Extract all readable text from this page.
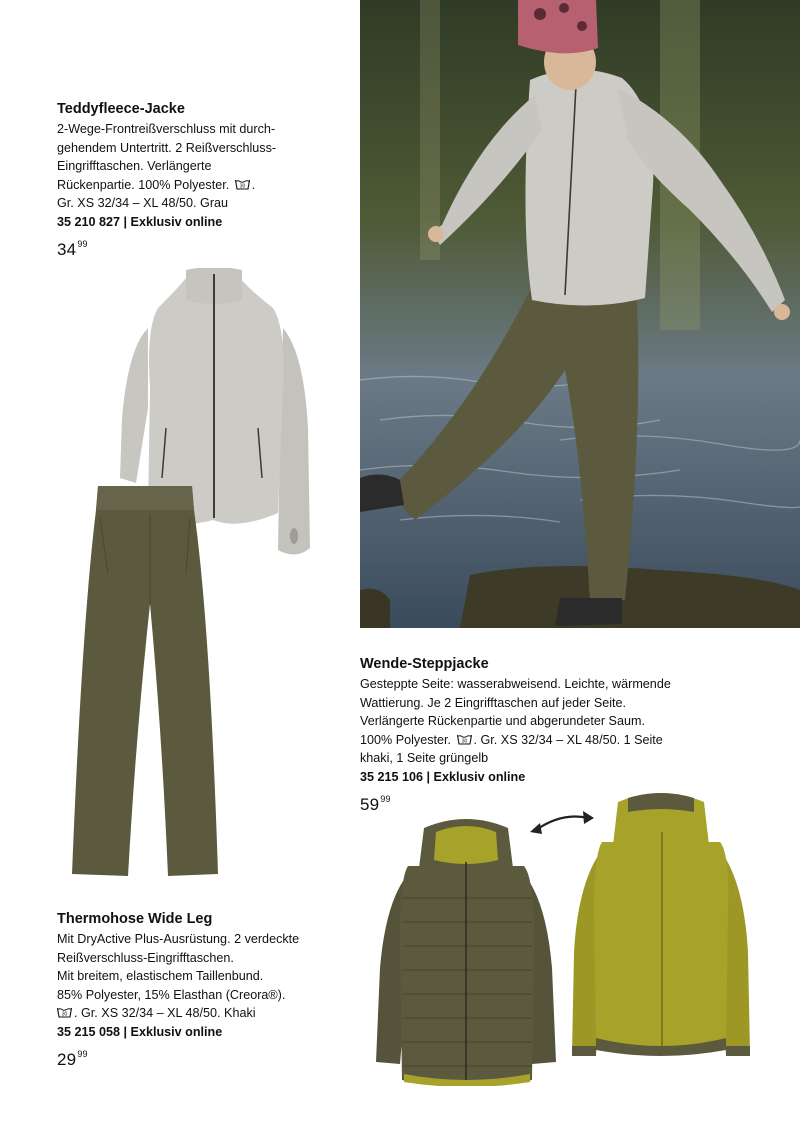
Teddyfleece-Jacke
2-Wege-Frontreißverschluss mit durch-
gehendem Untertritt. 2 Reißverschluss-
Eingrifftaschen. Verlängerte
Rückenpartie. 100% Polyester. 30 .
Gr. XS 32/34 – XL 48/50. Grau
35 210 827 | Exklusiv online
$34^{99}$
Thermohose Wide Leg
Mit DryActive Plus-Ausrüstung. 2 verdeckte
Reißverschluss-Eingrifftaschen.
Mit breitem, elastischem Taillenbund.
85% Polyester, 15% Elasthan (Creora®).

30 . Gr. XS 32/34 – XL 48/50. Khaki
35 215 058 | Exklusiv online
$29^{99}$
Wende-Steppjacke
Gesteppte Seite: wasserabweisend. Leichte, wärmende
Wattierung. Je 2 Eingrifftaschen auf jeder Seite.
Verlängerte Rückenpartie und abgerundeter Saum.
100% Polyester. 30 . Gr. XS 32/34 – XL 48/50. 1 Seite
khaki, 1 Seite grüngelb
35 215 106 | Exklusiv online
$59^{99}$
